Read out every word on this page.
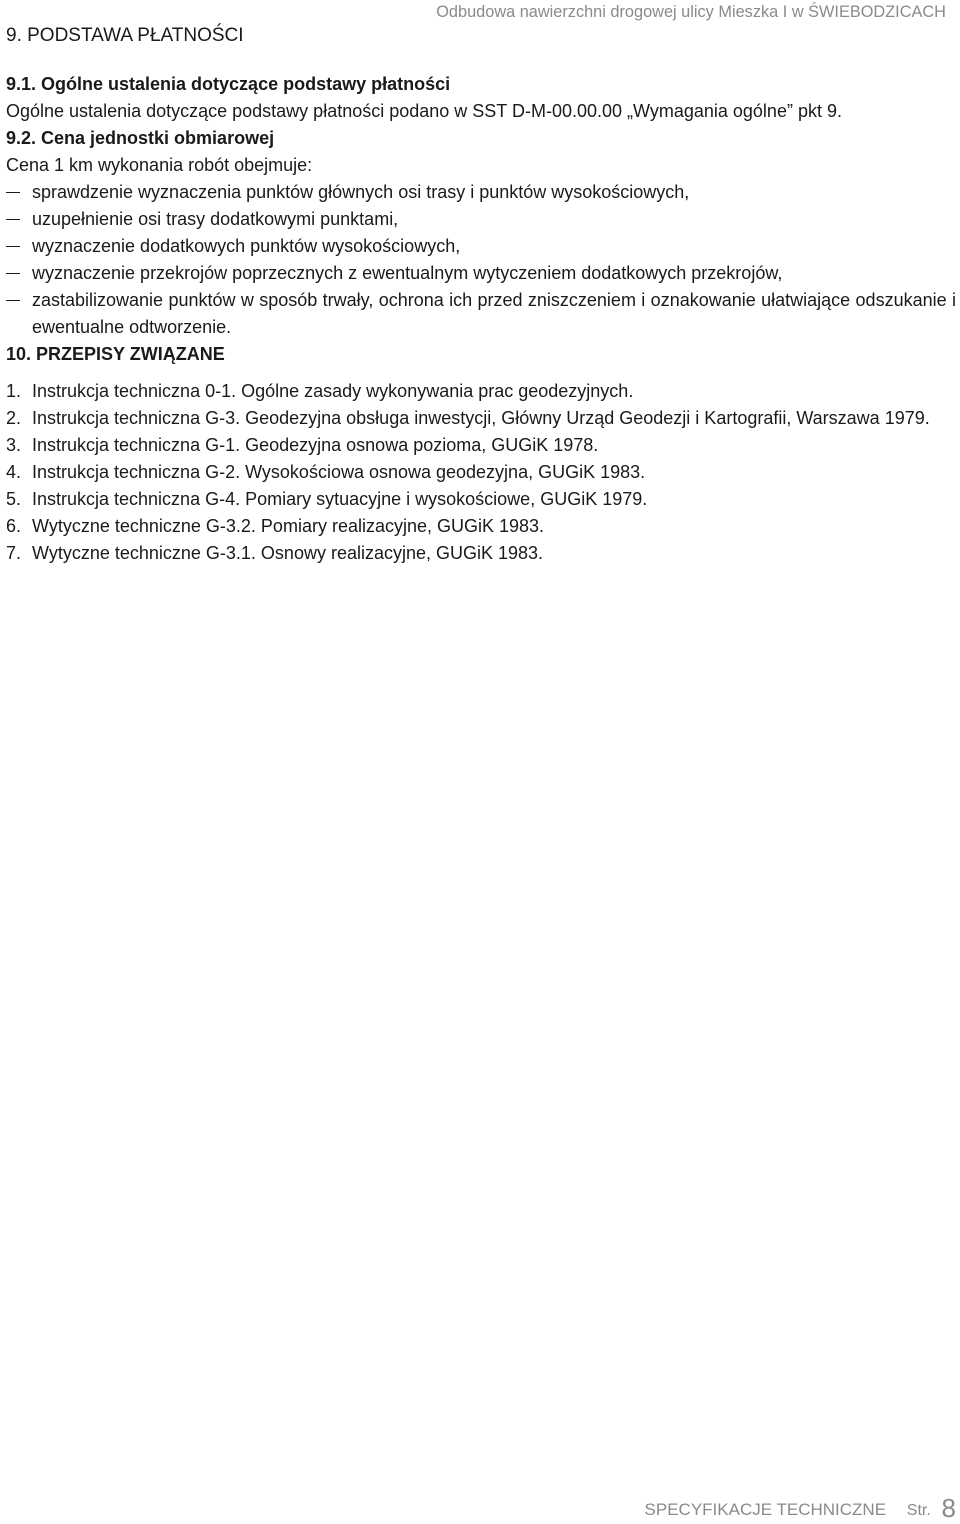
Odbudowa nawierzchni drogowej ulicy Mieszka I w ŚWIEBODZICACH
9. PODSTAWA PŁATNOŚCI
9.1. Ogólne ustalenia dotyczące podstawy płatności
Ogólne ustalenia dotyczące podstawy płatności podano w SST D-M-00.00.00 „Wymagania ogólne” pkt 9.
9.2. Cena jednostki obmiarowej
Cena 1 km wykonania robót obejmuje:
sprawdzenie wyznaczenia punktów głównych osi trasy i punktów wysokościowych,
uzupełnienie osi trasy dodatkowymi punktami,
wyznaczenie dodatkowych punktów wysokościowych,
wyznaczenie przekrojów poprzecznych z ewentualnym wytyczeniem dodatkowych przekrojów,
zastabilizowanie punktów w sposób trwały, ochrona ich przed zniszczeniem i oznakowanie ułatwiające odszukanie i ewentualne odtworzenie.
10. PRZEPISY ZWIĄZANE
1. Instrukcja techniczna 0-1. Ogólne zasady wykonywania prac geodezyjnych.
2. Instrukcja techniczna G-3. Geodezyjna obsługa inwestycji, Główny Urząd Geodezji i Kartografii, Warszawa 1979.
3. Instrukcja techniczna G-1. Geodezyjna osnowa pozioma, GUGiK 1978.
4. Instrukcja techniczna G-2. Wysokościowa osnowa geodezyjna, GUGiK 1983.
5. Instrukcja techniczna G-4. Pomiary sytuacyjne i wysokościowe, GUGiK 1979.
6. Wytyczne techniczne G-3.2. Pomiary realizacyjne, GUGiK 1983.
7. Wytyczne techniczne G-3.1. Osnowy realizacyjne, GUGiK 1983.
SPECYFIKACJE TECHNICZNE Str. 8
